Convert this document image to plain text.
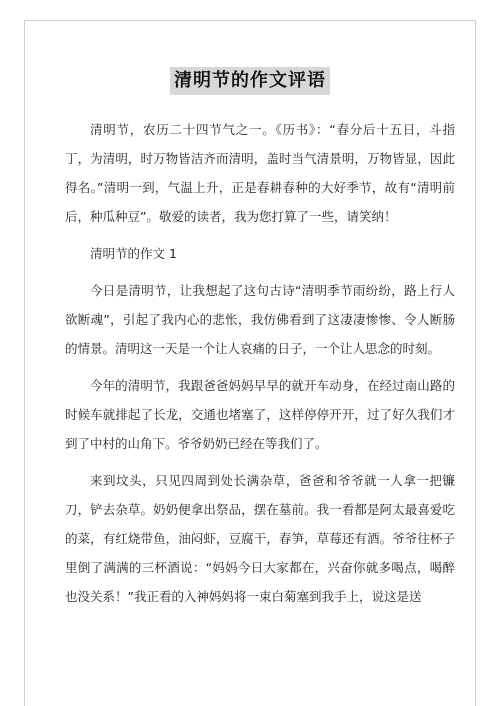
清明节的作文评语

清明节，农历二十四节气之一。《历书》：“春分后十五日，斗指丁，为清明，时万物皆洁齐而清明，盖时当气清景明，万物皆显，因此得名。”清明一到，气温上升，正是春耕春种的大好季节，故有“清明前后，种瓜种豆”。敬爱的读者，我为您打算了一些，请笑纳！

清明节的作文 1

今日是清明节，让我想起了这句古诗“清明季节雨纷纷，路上行人欲断魂”，引起了我内心的悲怅，我仿佛看到了这凄凄惨惨、令人断肠的情景。清明这一天是一个让人哀痛的日子，一个让人思念的时刻。

今年的清明节，我跟爸爸妈妈早早的就开车动身，在经过南山路的时候车就排起了长龙，交通也堵塞了，这样停停开开，过了好久我们才到了中村的山角下。爷爷奶奶已经在等我们了。

来到坟头，只见四周到处长满杂草，爸爸和爷爷就一人拿一把镰刀，铲去杂草。奶奶便拿出祭品，摆在墓前。我一看都是阿太最喜爱吃的菜，有红烧带鱼，油闷虾，豆腐干，春笋，草莓还有酒。爷爷往杯子里倒了满满的三杯酒说：“妈妈今日大家都在，兴奋你就多喝点，喝醉也没关系！”我正看的入神妈妈将一束白菊塞到我手上，说这是送
